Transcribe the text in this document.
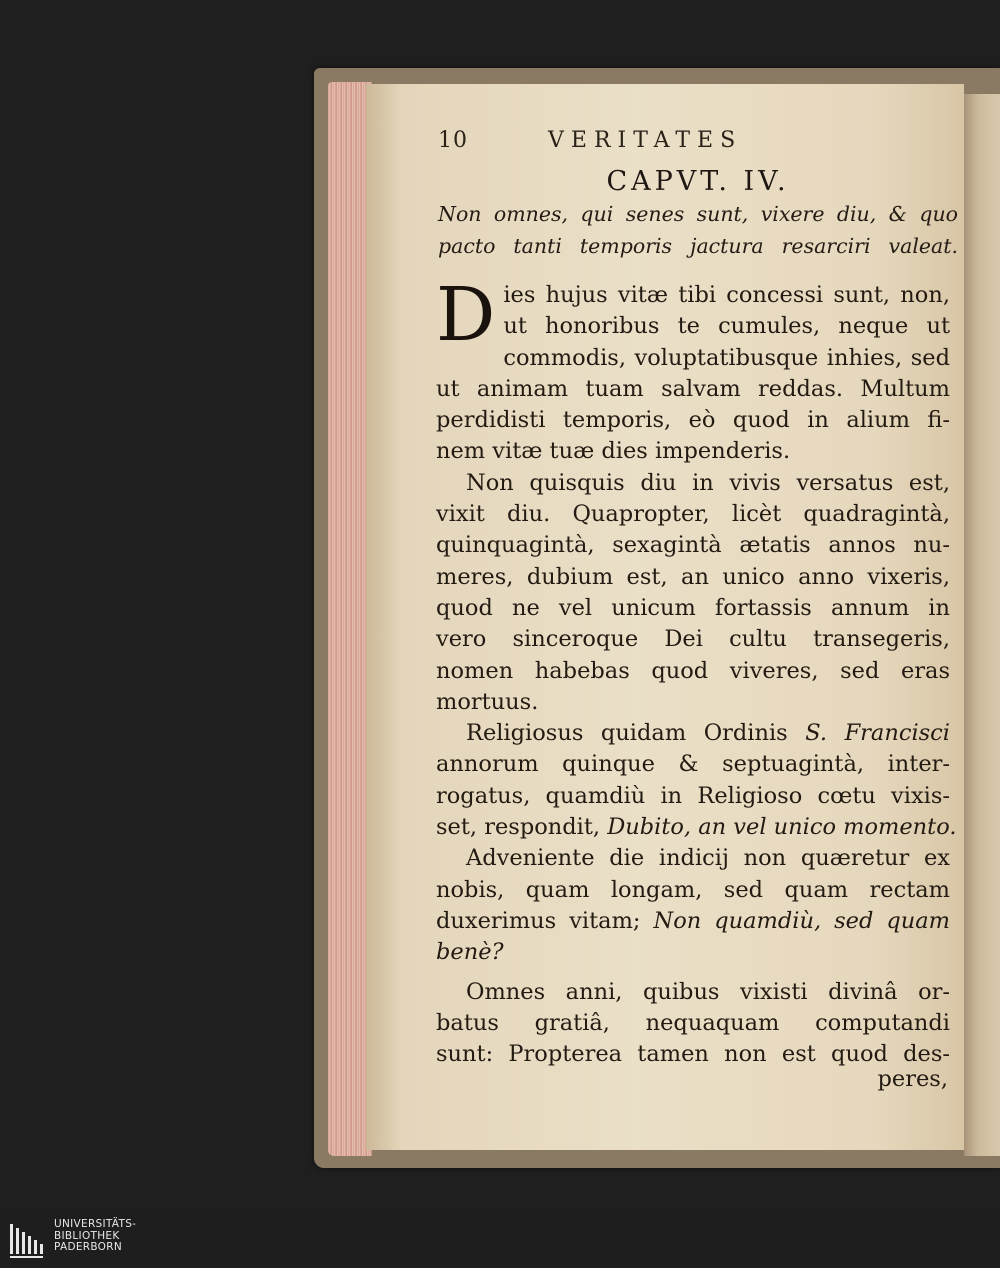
10	VERITATES
CAPVT. IV.
Non omnes, qui senes sunt, vixere diu, & quo
pacto tanti temporis jactura resarciri valeat.

D ies hujus vitæ tibi concessi sunt, non,
ut honoribus te cumules, neque ut
commodis, voluptatibusque inhies, sed
ut animam tuam salvam reddas. Multum
perdidisti temporis, eò quod in alium fi-
nem vitæ tuæ dies impenderis.

Non quisquis diu in vivis versatus est,
vixit diu. Quapropter, licèt quadragintà,
quinquagintà, sexagintà ætatis annos nu-
meres, dubium est, an unico anno vixeris,
quod ne vel unicum fortassis annum in
vero sinceroque Dei cultu transegeris,
nomen habebas quod viveres, sed eras
mortuus.

Religiosus quidam Ordinis S. Francisci
annorum quinque & septuagintà, inter-
rogatus, quamdiù in Religioso cœtu vixis-
set, respondit, Dubito, an vel unico momento.

Adveniente die indicij non quæretur ex
nobis, quam longam, sed quam rectam
duxerimus vitam; Non quamdiù, sed quam
benè?

Omnes anni, quibus vixisti divinâ or-
batus gratiâ, nequaquam computandi
sunt: Propterea tamen non est quod des-

peres,
UNIVERSITÄTS-
BIBLIOTHEK
PADERBORN
